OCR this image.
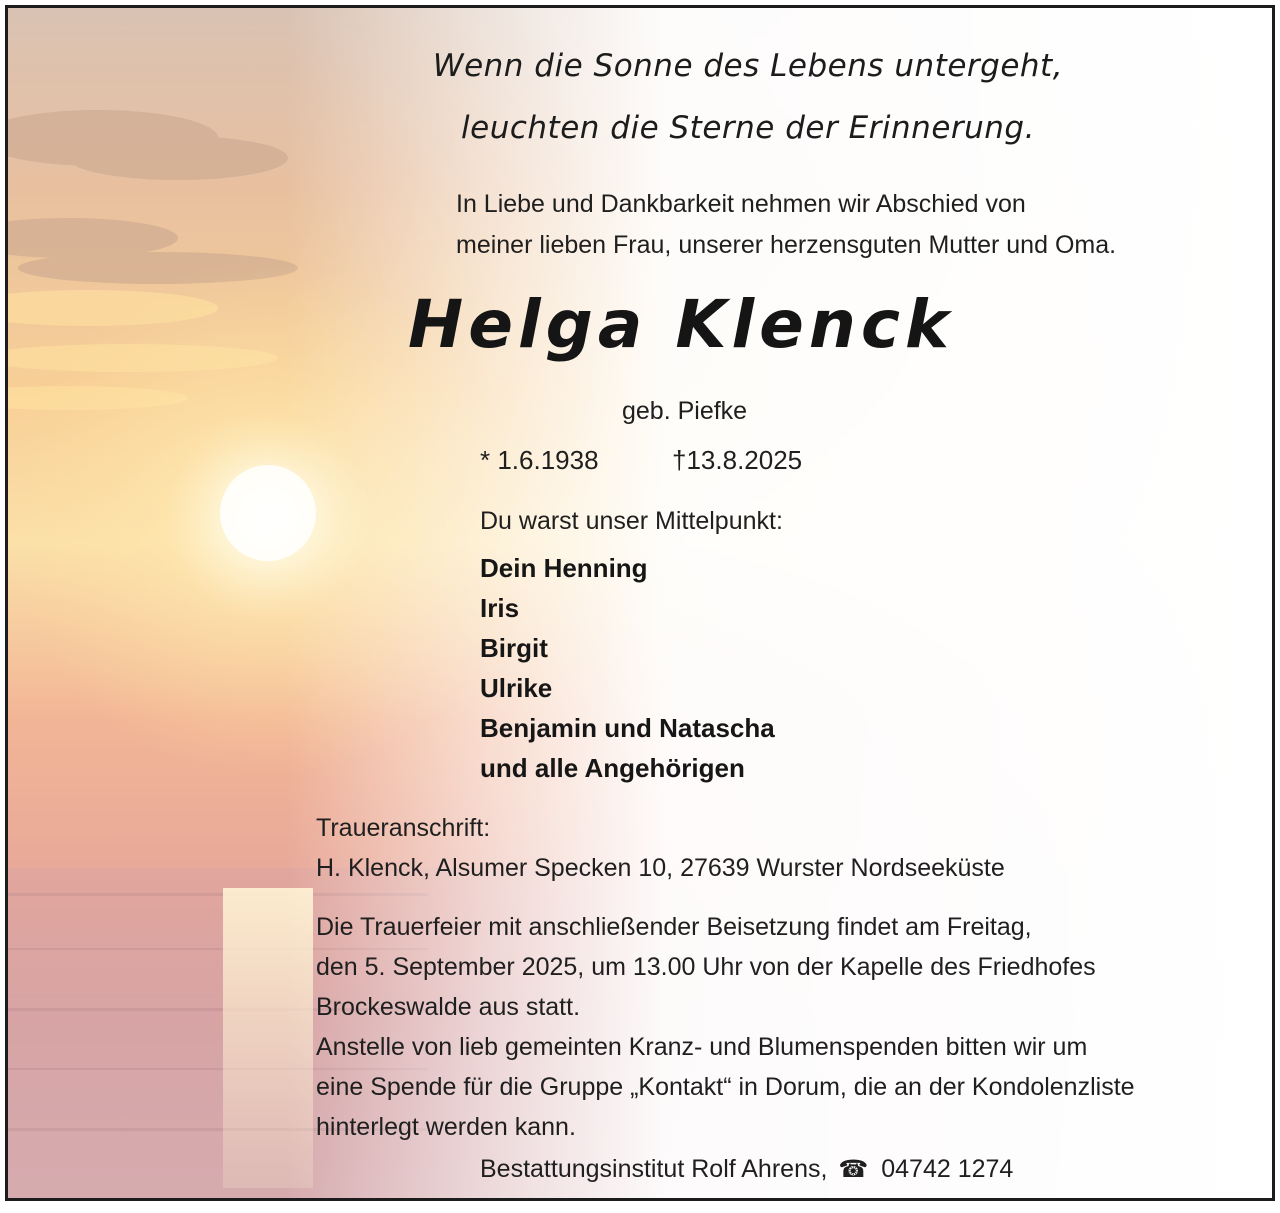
Wenn die Sonne des Lebens untergeht,

leuchten die Sterne der Erinnerung.

In Liebe und Dankbarkeit nehmen wir Abschied von

meiner lieben Frau, unserer herzensguten Mutter und Oma.

Helga Klenck
geb. Piefke
* 1.6.1938	†13.8.2025
Du warst unser Mittelpunkt:
Dein Henning
Iris
Birgit
Ulrike
Benjamin und Natascha
und alle Angehörigen
Traueranschrift:
H. Klenck, Alsumer Specken 10, 27639 Wurster Nordseeküste
Die Trauerfeier mit anschließender Beisetzung findet am Freitag,
den 5. September 2025, um 13.00 Uhr von der Kapelle des Friedhofes
Brockeswalde aus statt.
Anstelle von lieb gemeinten Kranz- und Blumenspenden bitten wir um
eine Spende für die Gruppe „Kontakt“ in Dorum, die an der Kondolenzliste
hinterlegt werden kann.
Bestattungsinstitut Rolf Ahrens, ☎ 04742 1274
